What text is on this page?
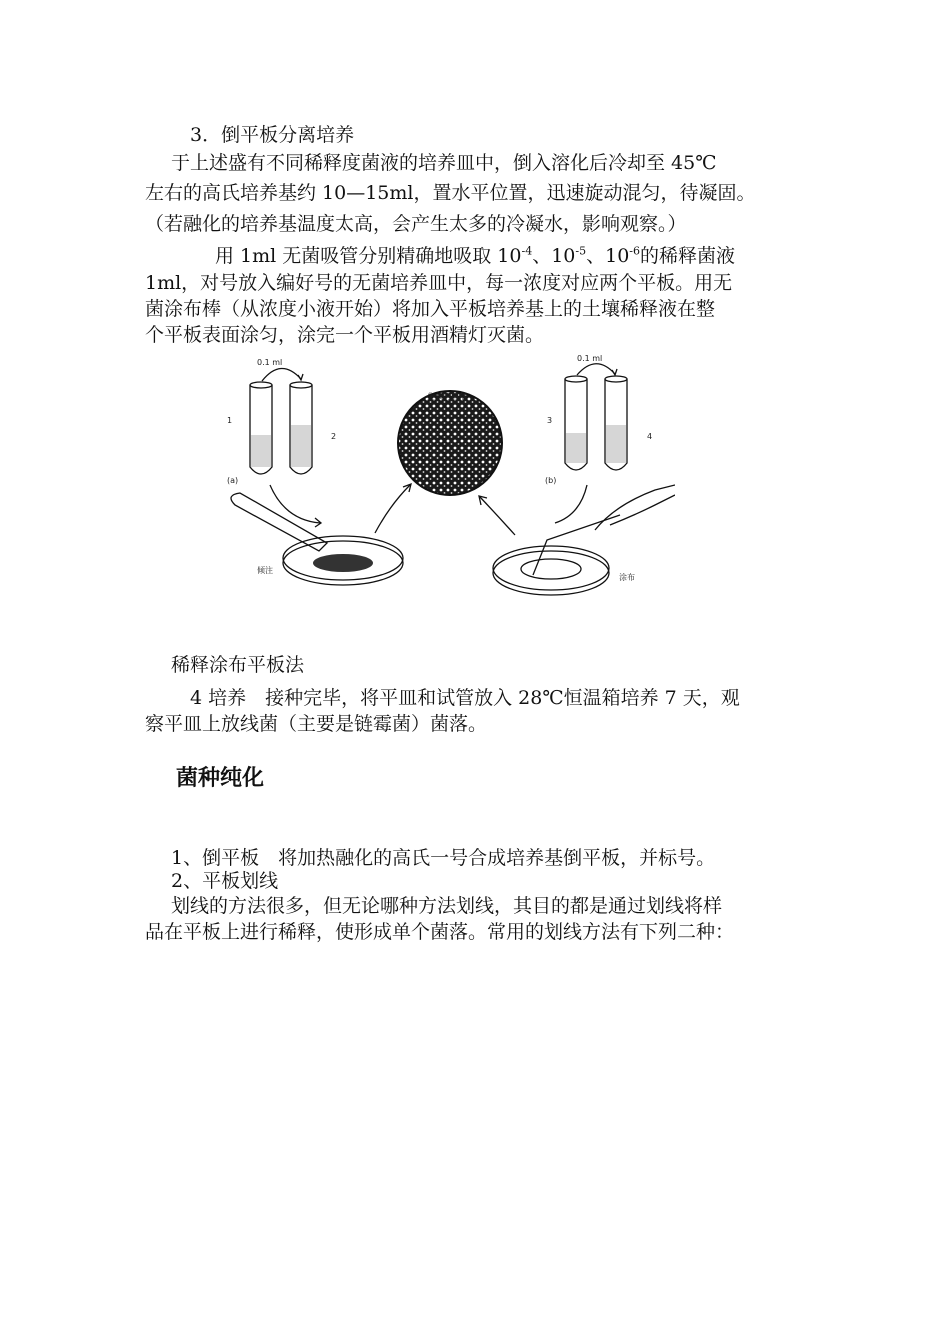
3．倒平板分离培养
于上述盛有不同稀释度菌液的培养皿中，倒入溶化后冷却至 45℃
左右的高氏培养基约 10—15ml，置水平位置，迅速旋动混匀，待凝固。
（若融化的培养基温度太高，会产生太多的冷凝水，影响观察。）
用 1ml 无菌吸管分别精确地吸取 $10^{-4}$、$10^{-5}$、$10^{-6}$的稀释菌液
1ml，对号放入编好号的无菌培养皿中，每一浓度对应两个平板。用无
菌涂布棒（从浓度小液开始）将加入平板培养基上的土壤稀释液在整
个平板表面涂匀，涂完一个平板用酒精灯灭菌。
0.1 ml	0.1 ml
1
2
3
4
生长的菌落
(a)	(b)
倾注
涂布
稀释涂布平板法
4 培养　接种完毕，将平皿和试管放入 28℃恒温箱培养 7 天，观
察平皿上放线菌（主要是链霉菌）菌落。
菌种纯化
1、倒平板　将加热融化的高氏一号合成培养基倒平板，并标号。
2、平板划线
划线的方法很多，但无论哪种方法划线，其目的都是通过划线将样
品在平板上进行稀释，使形成单个菌落。常用的划线方法有下列二种：
